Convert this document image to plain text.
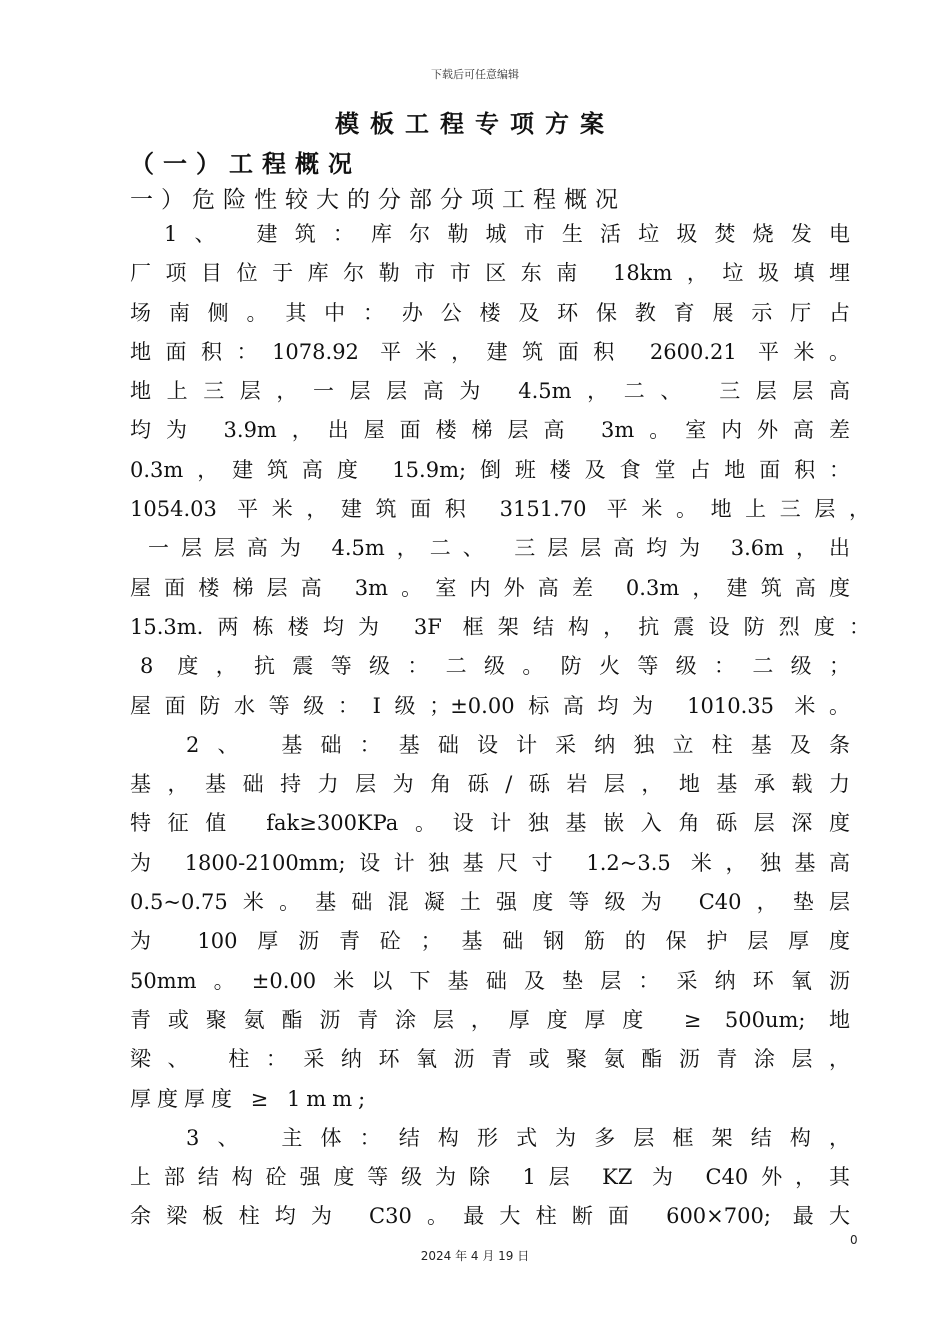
下载后可任意编辑
模板工程专项方案
（一）工程概况
一）危险性较大的分部分项工程概况
1、 建筑：库尔勒城市生活垃圾焚烧发电
厂项目位于库尔勒市市区东南 18km，垃圾填埋
场南侧。其中：办公楼及环保教育展示厅占
地面积：1078.92 平米，建筑面积 2600.21 平米。
地上三层，一层层高为 4.5m，二、 三层层高
均为 3.9m，出屋面楼梯层高 3m。室内外高差
0.3m，建筑高度 15.9m;倒班楼及食堂占地面积：
1054.03 平米，建筑面积 3151.70 平米。地上三层，
一层层高为 4.5m，二、 三层层高均为 3.6m，出
屋面楼梯层高 3m。室内外高差 0.3m，建筑高度
15.3m.两栋楼均为 3F 框架结构，抗震设防烈度：
8 度，抗震等级：二级。防火等级：二级；
屋面防水等级：Ⅰ级；±0.00标高均为 1010.35 米。
2、 基础：基础设计采纳独立柱基及条
基，基础持力层为角砾/砾岩层，地基承载力
特征值 fak≥300KPa。设计独基嵌入角砾层深度
为 1800-2100mm;设计独基尺寸 1.2~3.5 米，独基高
0.5~0.75米。基础混凝土强度等级为 C40，垫层
为 100厚沥青砼；基础钢筋的保护层厚度
50mm。±0.00米以下基础及垫层：采纳环氧沥
青或聚氨酯沥青涂层，厚度厚度 ≥ 500um; 地
梁、 柱：采纳环氧沥青或聚氨酯沥青涂层，
厚度厚度 ≥ 1mm;
3、 主体：结构形式为多层框架结构，
上部结构砼强度等级为除 1层 KZ 为 C40外，其
余梁板柱均为 C30。最大柱断面 600×700; 最大
0
2024 年 4 月 19 日
